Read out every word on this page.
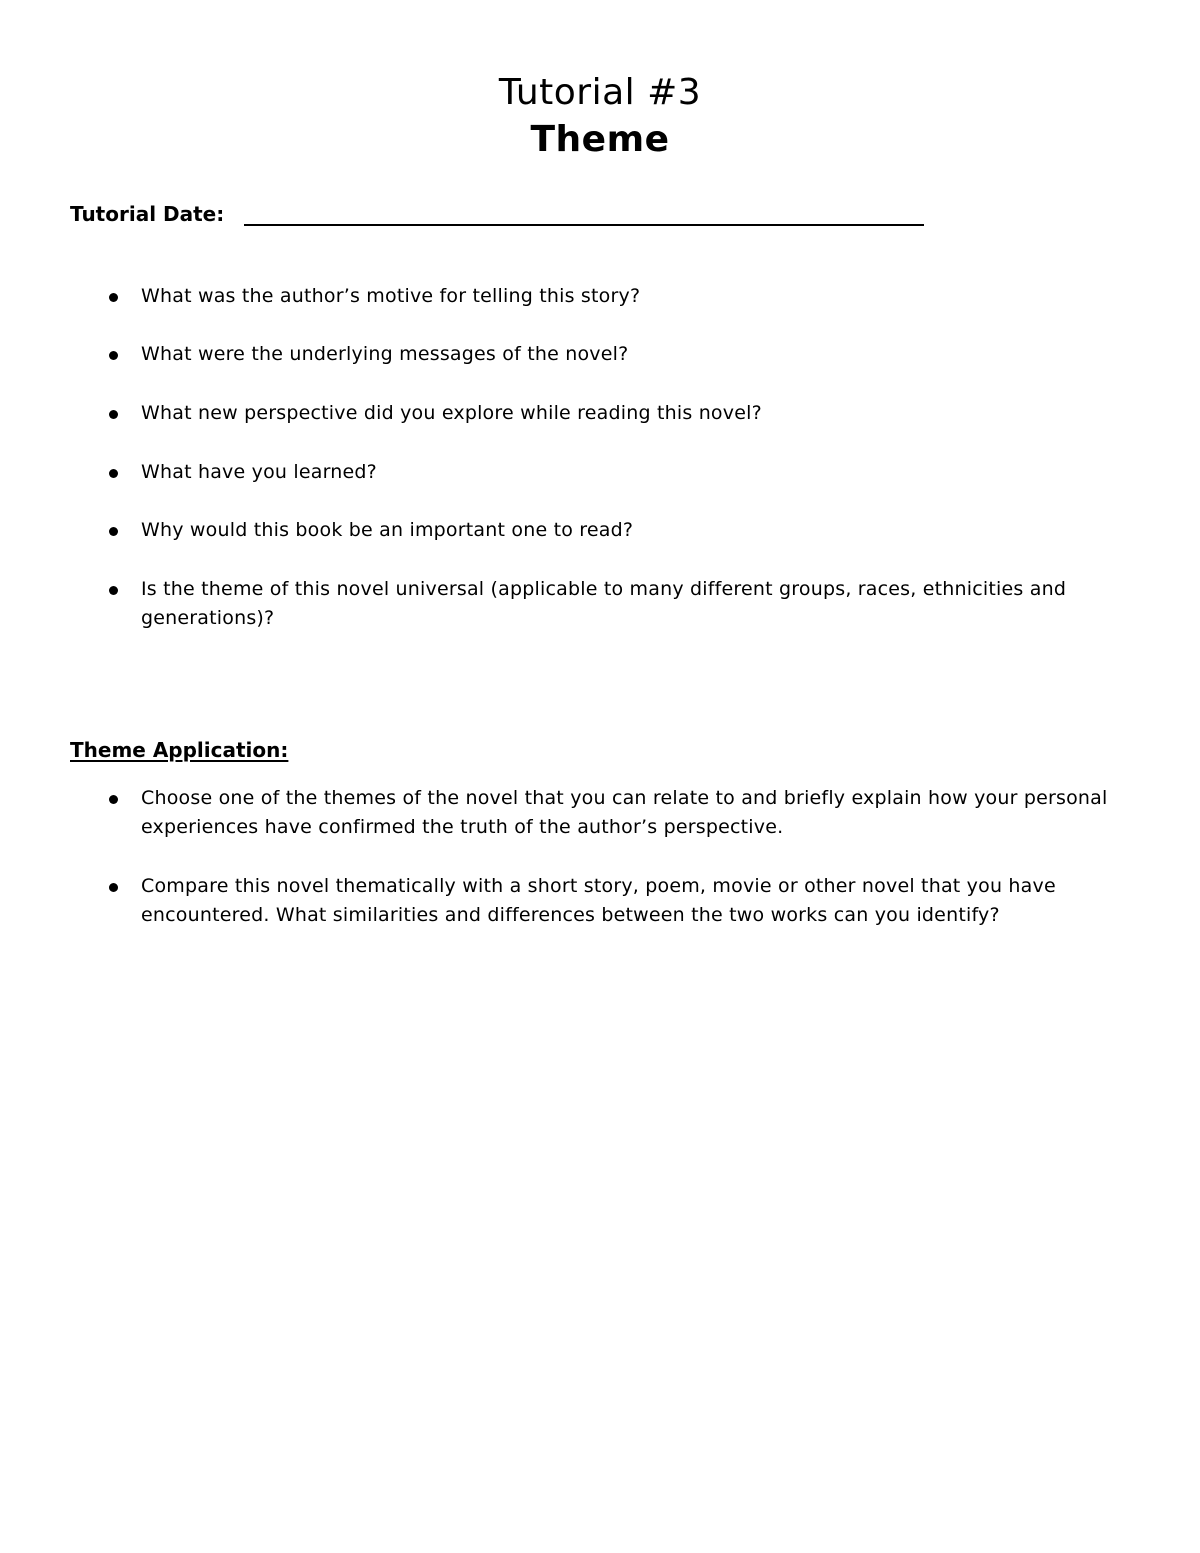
Tutorial #3
Theme
Tutorial Date:
What was the author’s motive for telling this story?
What were the underlying messages of the novel?
What new perspective did you explore while reading this novel?
What have you learned?
Why would this book be an important one to read?
Is the theme of this novel universal (applicable to many different groups, races, ethnicities and generations)?
Theme Application:
Choose one of the themes of the novel that you can relate to and briefly explain how your personal experiences have confirmed the truth of the author’s perspective.
Compare this novel thematically with a short story, poem, movie or other novel that you have encountered. What similarities and differences between the two works can you identify?
